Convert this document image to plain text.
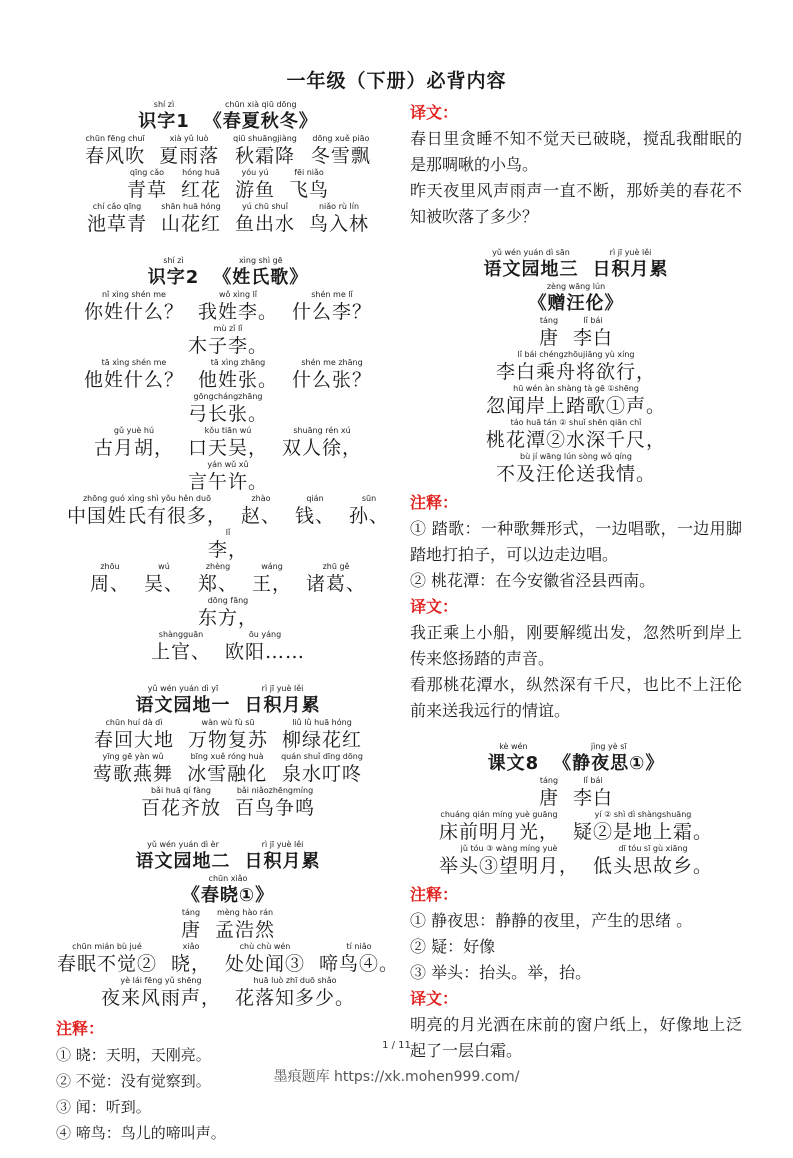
一年级（下册）必背内容
shí zì
识字1
chūn xià qiū dōng
《春夏秋冬》
chūn fēng chuī
春风吹
xià yǔ luò
夏雨落
qiū shuāngjiàng
秋霜降
dōng xuě piāo
冬雪飘
qīng cǎo
青草
hóng huā
红花
yóu yú
游鱼
fēi niǎo
飞鸟
chí cǎo qīng
池草青
shān huā hóng
山花红
yú chū shuǐ
鱼出水
niǎo rù lín
鸟入林
shí zì
识字2
xìng shì gē
《姓氏歌》
nǐ xìng shén me
你姓什么？
wǒ xìng lǐ
我姓李。
shén me lǐ
什么李？
mù zǐ lǐ
木子李。
tā xìng shén me
他姓什么？
tā xìng zhāng
他姓张。
shén me zhāng
什么张？
gōngchángzhāng
弓长张。
gǔ yuè hú
古月胡，
kǒu tiān wú
口天吴，
shuāng rén xú
双人徐，
yán wǔ xǔ
言午许。
zhōng guó xìng shì yǒu hěn duō
中国姓氏有很多，
zhào
赵、
qián
钱、
sūn
孙、
lǐ
李，
zhōu
周、
wú
吴、
zhèng
郑、
wáng
王，
zhū gě
诸葛、
dōng fāng
东方，
shàngguān
上官、
ōu yáng
欧阳……
yǔ wén yuán dì yī
语文园地一
rì jī yuè lěi
日积月累
chūn huí dà dì
春回大地
wàn wù fù sū
万物复苏
liǔ lǜ huā hóng
柳绿花红
yīng gē yàn wǔ
莺歌燕舞
bīng xuě róng huà
冰雪融化
quán shuǐ dīng dōng
泉水叮咚
bǎi huā qí fàng
百花齐放
bǎi niǎozhēngmíng
百鸟争鸣
yǔ wén yuán dì èr
语文园地二
rì jī yuè lěi
日积月累
chūn xiǎo
《春晓①》
táng
唐
mèng hào rán
孟浩然
chūn mián bù jué
春眠不觉②
xiǎo
晓，
chù chù wén
处处闻③
tí niǎo
啼鸟④。
yè lái fēng yǔ shēng
夜来风雨声，
huā luò zhī duō shǎo
花落知多少。
注释：
① 晓：天明，天刚亮。
② 不觉：没有觉察到。
③ 闻：听到。
④ 啼鸟：鸟儿的啼叫声。
译文：
春日里贪睡不知不觉天已破晓，搅乱我酣眠的是那啁啾的小鸟。
昨天夜里风声雨声一直不断，那娇美的春花不知被吹落了多少？
yǔ wén yuán dì sān
语文园地三
rì jī yuè lěi
日积月累
zèng wāng lún
《赠汪伦》
táng
唐
lǐ bái
李白
lǐ bái chéngzhōujiāng yù xíng
李白乘舟将欲行，
hū wén àn shàng tà gē ①shēng
忽闻岸上踏歌①声。
táo huā tán ② shuǐ shēn qiān chǐ
桃花潭②水深千尺，
bù jí wāng lún sòng wǒ qíng
不及汪伦送我情。
注释：
① 踏歌：一种歌舞形式，一边唱歌，一边用脚踏地打拍子，可以边走边唱。
② 桃花潭：在今安徽省泾县西南。
译文：
我正乘上小船，刚要解缆出发，忽然听到岸上传来悠扬踏的声音。
看那桃花潭水，纵然深有千尺，也比不上汪伦前来送我远行的情谊。
kè wén
课文8
jìng yè sī
《静夜思①》
táng
唐
lǐ bái
李白
chuáng qián míng yuè guāng
床前明月光，
yí ② shì dì shàngshuāng
疑②是地上霜。
jǔ tóu ③ wàng míng yuè
举头③望明月，
dī tóu sī gù xiāng
低头思故乡。
注释：
① 静夜思：静静的夜里，产生的思绪 。
② 疑：好像
③ 举头：抬头。举，抬。
译文：
明亮的月光洒在床前的窗户纸上，好像地上泛起了一层白霜。
1 / 11
墨痕题库 https://xk.mohen999.com/
